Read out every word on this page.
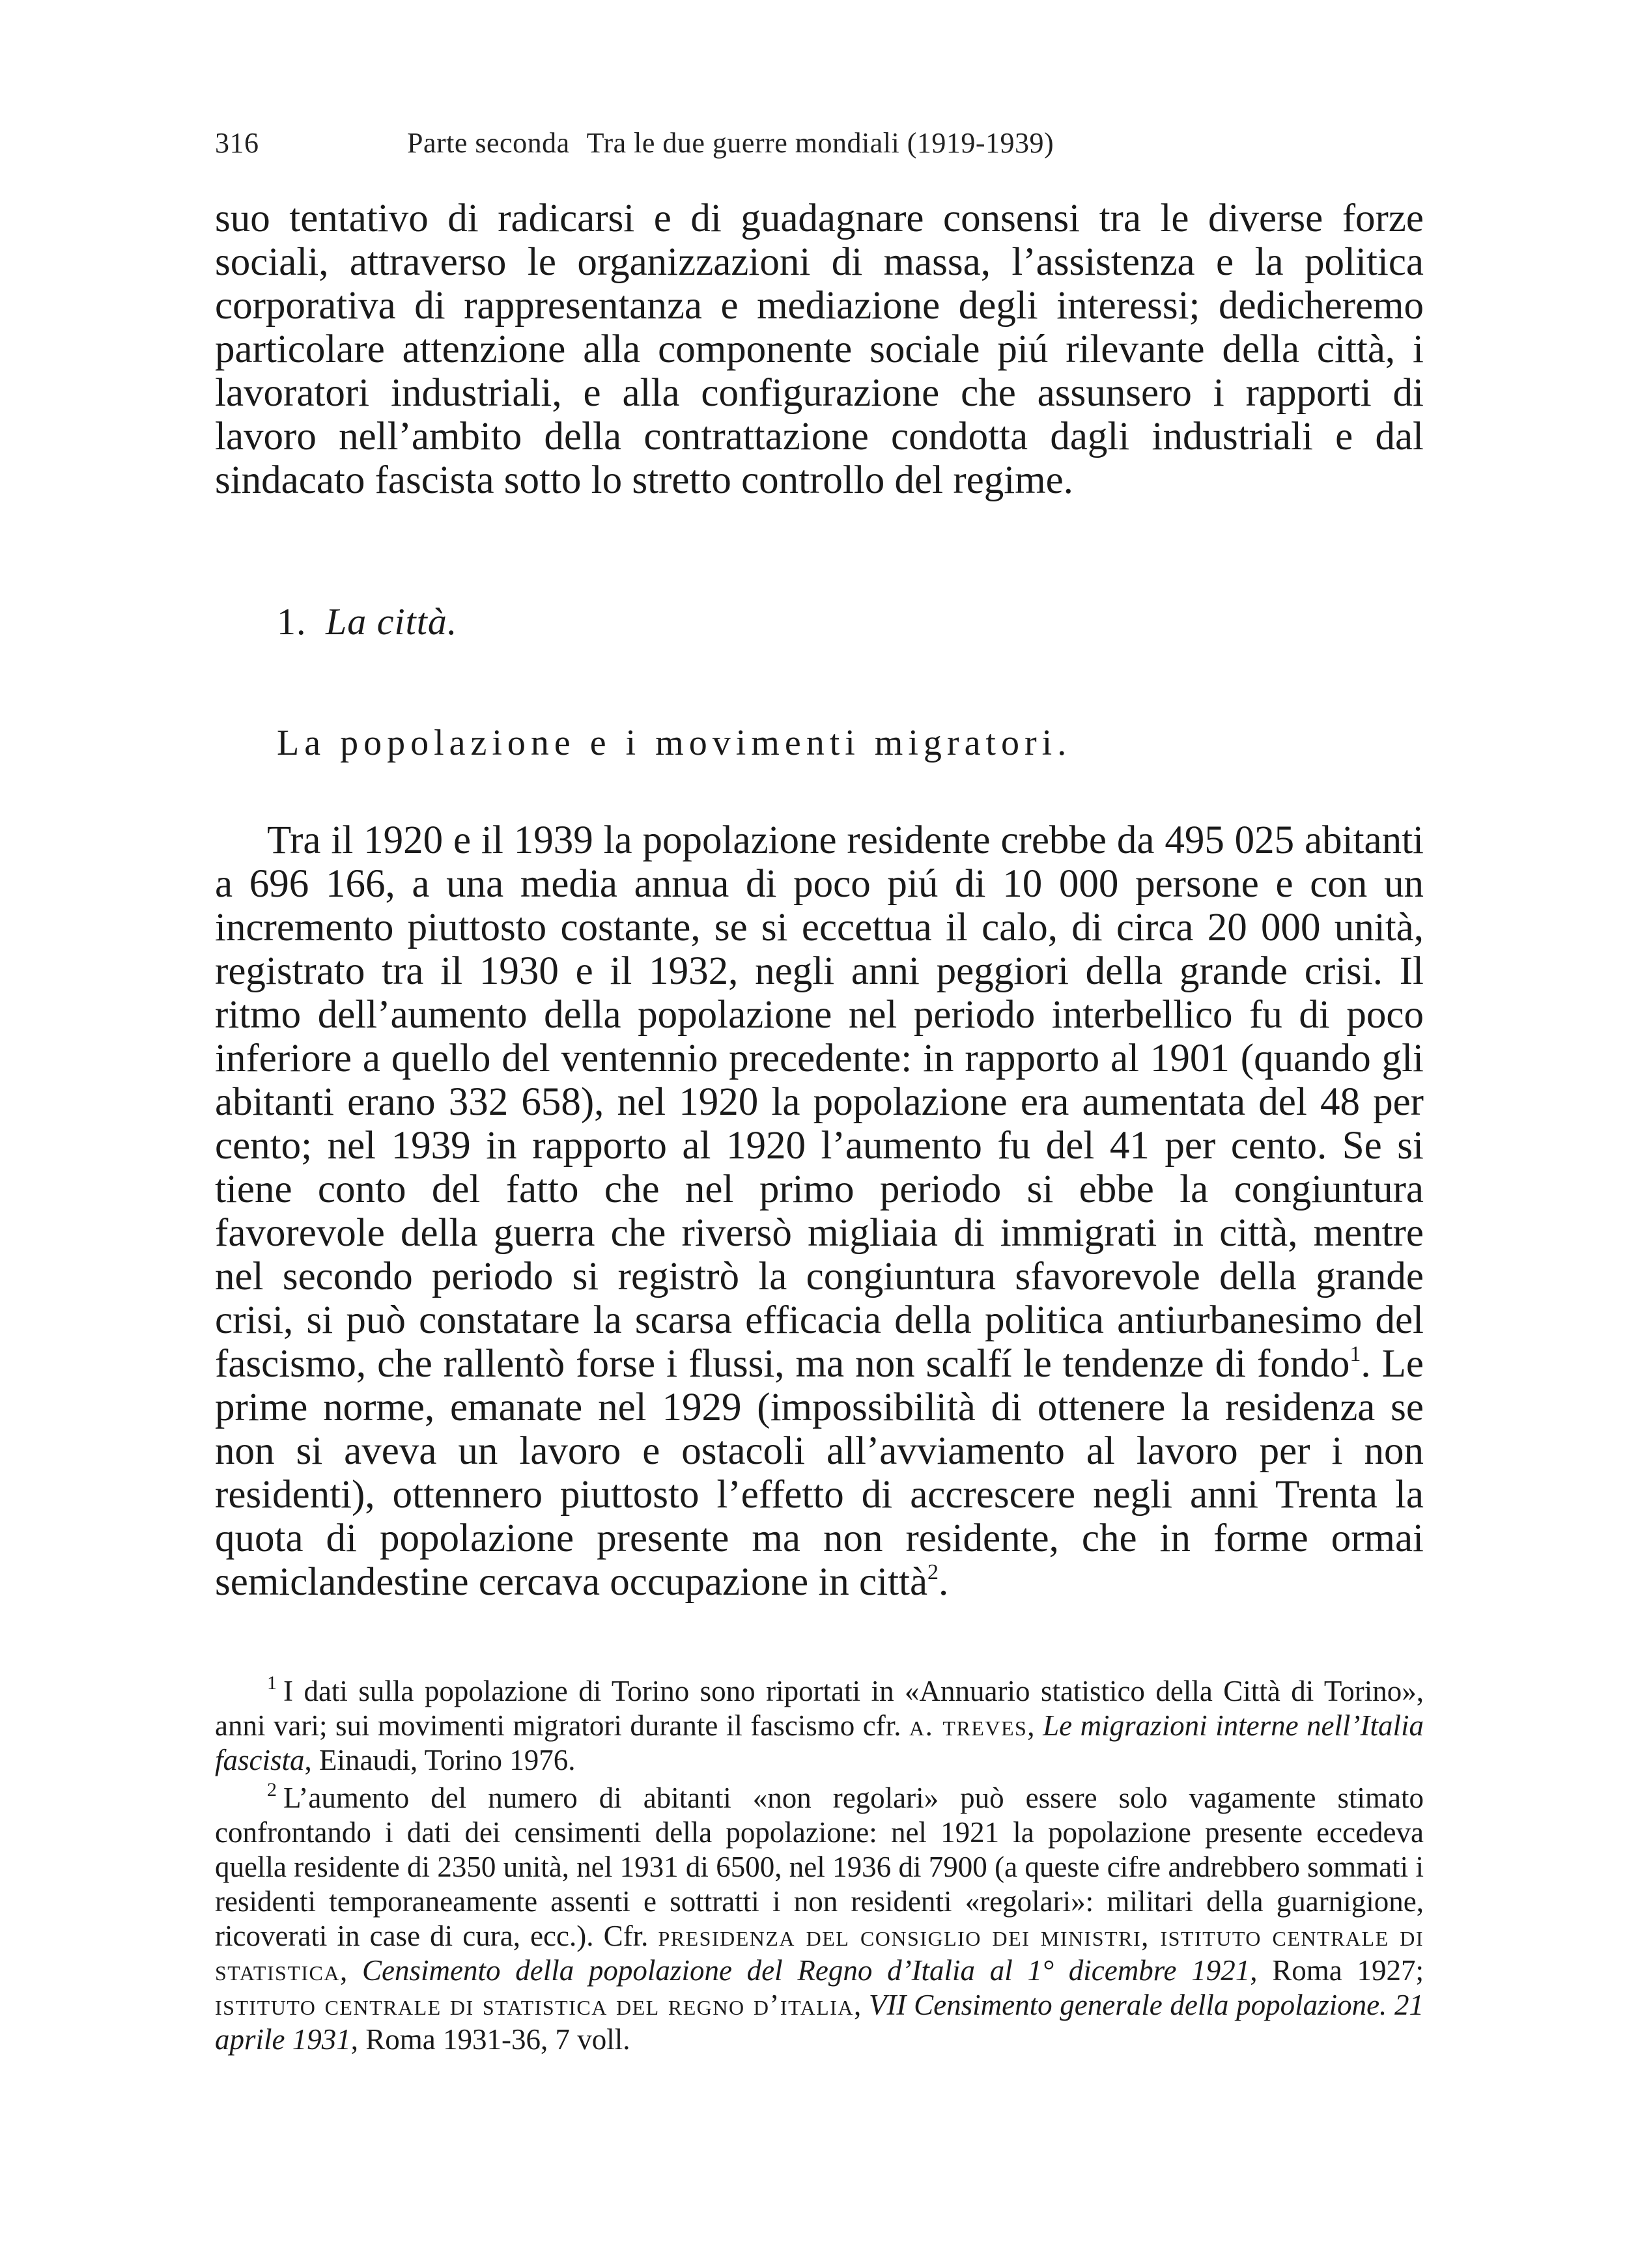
316	Parte seconda Tra le due guerre mondiali (1919-1939)

suo tentativo di radicarsi e di guadagnare consensi tra le diverse forze sociali, attraverso le organizzazioni di massa, l’assistenza e la politica corporativa di rappresentanza e mediazione degli interessi; dedicheremo particolare attenzione alla componente sociale piú rilevante della città, i lavoratori industriali, e alla configurazione che assunsero i rapporti di lavoro nell’ambito della contrattazione condotta dagli industriali e dal sindacato fascista sotto lo stretto controllo del regime.

1. La città.
La popolazione e i movimenti migratori.

Tra il 1920 e il 1939 la popolazione residente crebbe da 495 025 abitanti a 696 166, a una media annua di poco piú di 10 000 persone e con un incremento piuttosto costante, se si eccettua il calo, di circa 20 000 unità, registrato tra il 1930 e il 1932, negli anni peggiori della grande crisi. Il ritmo dell’aumento della popolazione nel periodo interbellico fu di poco inferiore a quello del ventennio precedente: in rapporto al 1901 (quando gli abitanti erano 332 658), nel 1920 la popolazione era aumentata del 48 per cento; nel 1939 in rapporto al 1920 l’aumento fu del 41 per cento. Se si tiene conto del fatto che nel primo periodo si ebbe la congiuntura favorevole della guerra che riversò migliaia di immigrati in città, mentre nel secondo periodo si registrò la congiuntura sfavorevole della grande crisi, si può constatare la scarsa efficacia della politica antiurbanesimo del fascismo, che rallentò forse i flussi, ma non scalfí le tendenze di fondo$^1$. Le prime norme, emanate nel 1929 (impossibilità di ottenere la residenza se non si aveva un lavoro e ostacoli all’avviamento al lavoro per i non residenti), ottennero piuttosto l’effetto di accrescere negli anni Trenta la quota di popolazione presente ma non residente, che in forme ormai semiclandestine cercava occupazione in città$^2$.

$^1$ I dati sulla popolazione di Torino sono riportati in «Annuario statistico della Città di Torino», anni vari; sui movimenti migratori durante il fascismo cfr. a. treves, Le migrazioni interne nell’Italia fascista, Einaudi, Torino 1976.

$^2$ L’aumento del numero di abitanti «non regolari» può essere solo vagamente stimato confrontando i dati dei censimenti della popolazione: nel 1921 la popolazione presente eccedeva quella residente di 2350 unità, nel 1931 di 6500, nel 1936 di 7900 (a queste cifre andrebbero sommati i residenti temporaneamente assenti e sottratti i non residenti «regolari»: militari della guarnigione, ricoverati in case di cura, ecc.). Cfr. presidenza del consiglio dei ministri, istituto centrale di statistica, Censimento della popolazione del Regno d’Italia al 1° dicembre 1921, Roma 1927; istituto centrale di statistica del regno d’italia, VII Censimento generale della popolazione. 21 aprile 1931, Roma 1931-36, 7 voll.
